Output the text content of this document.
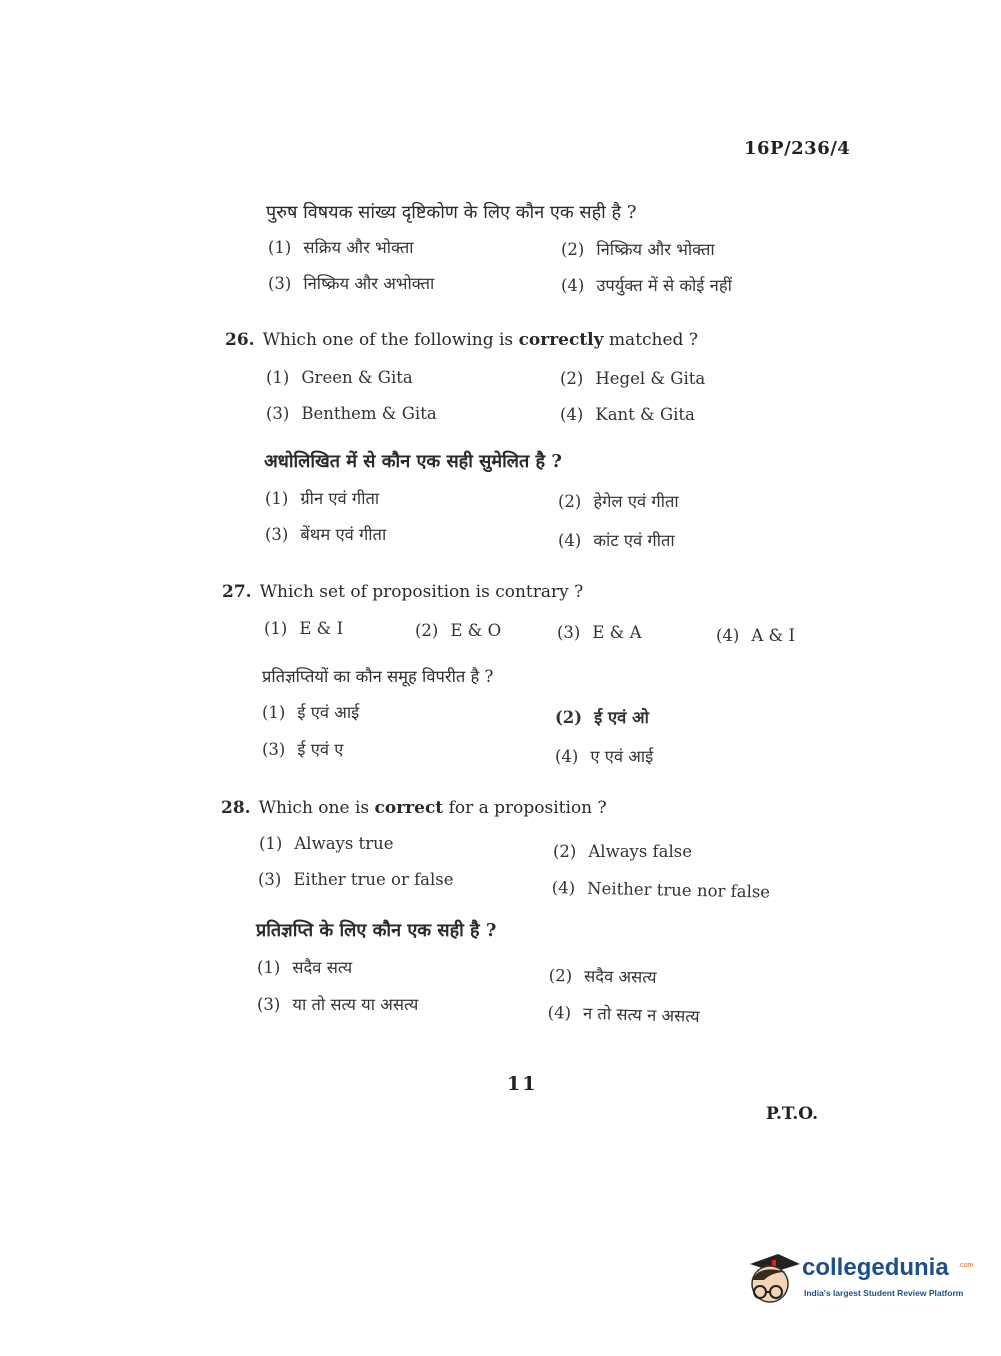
16P/236/4
पुरुष विषयक सांख्य दृष्टिकोण के लिए कौन एक सही है ?
(1) सक्रिय और भोक्ता	(2) निष्क्रिय और भोक्ता
(3) निष्क्रिय और अभोक्ता	(4) उपर्युक्त में से कोई नहीं
26. Which one of the following is correctly matched ?
(1) Green & Gita	(2) Hegel & Gita
(3) Benthem & Gita	(4) Kant & Gita
अधोलिखित में से कौन एक सही सुमेलित है ?
(1) ग्रीन एवं गीता	(2) हेगेल एवं गीता
(3) बेंथम एवं गीता	(4) कांट एवं गीता
27. Which set of proposition is contrary ?
(1) E & I	(2) E & O	(3) E & A	(4) A & I
प्रतिज्ञप्तियों का कौन समूह विपरीत है ?
(1) ई एवं आई	(2) ई एवं ओ
(3) ई एवं ए	(4) ए एवं आई
28. Which one is correct for a proposition ?
(1) Always true	(2) Always false
(3) Either true or false	(4) Neither true nor false
प्रतिज्ञप्ति के लिए कौन एक सही है ?
(1) सदैव सत्य	(2) सदैव असत्य
(3) या तो सत्य या असत्य	(4) न तो सत्य न असत्य
11
P.T.O.
collegedunia .com
India's largest Student Review Platform
